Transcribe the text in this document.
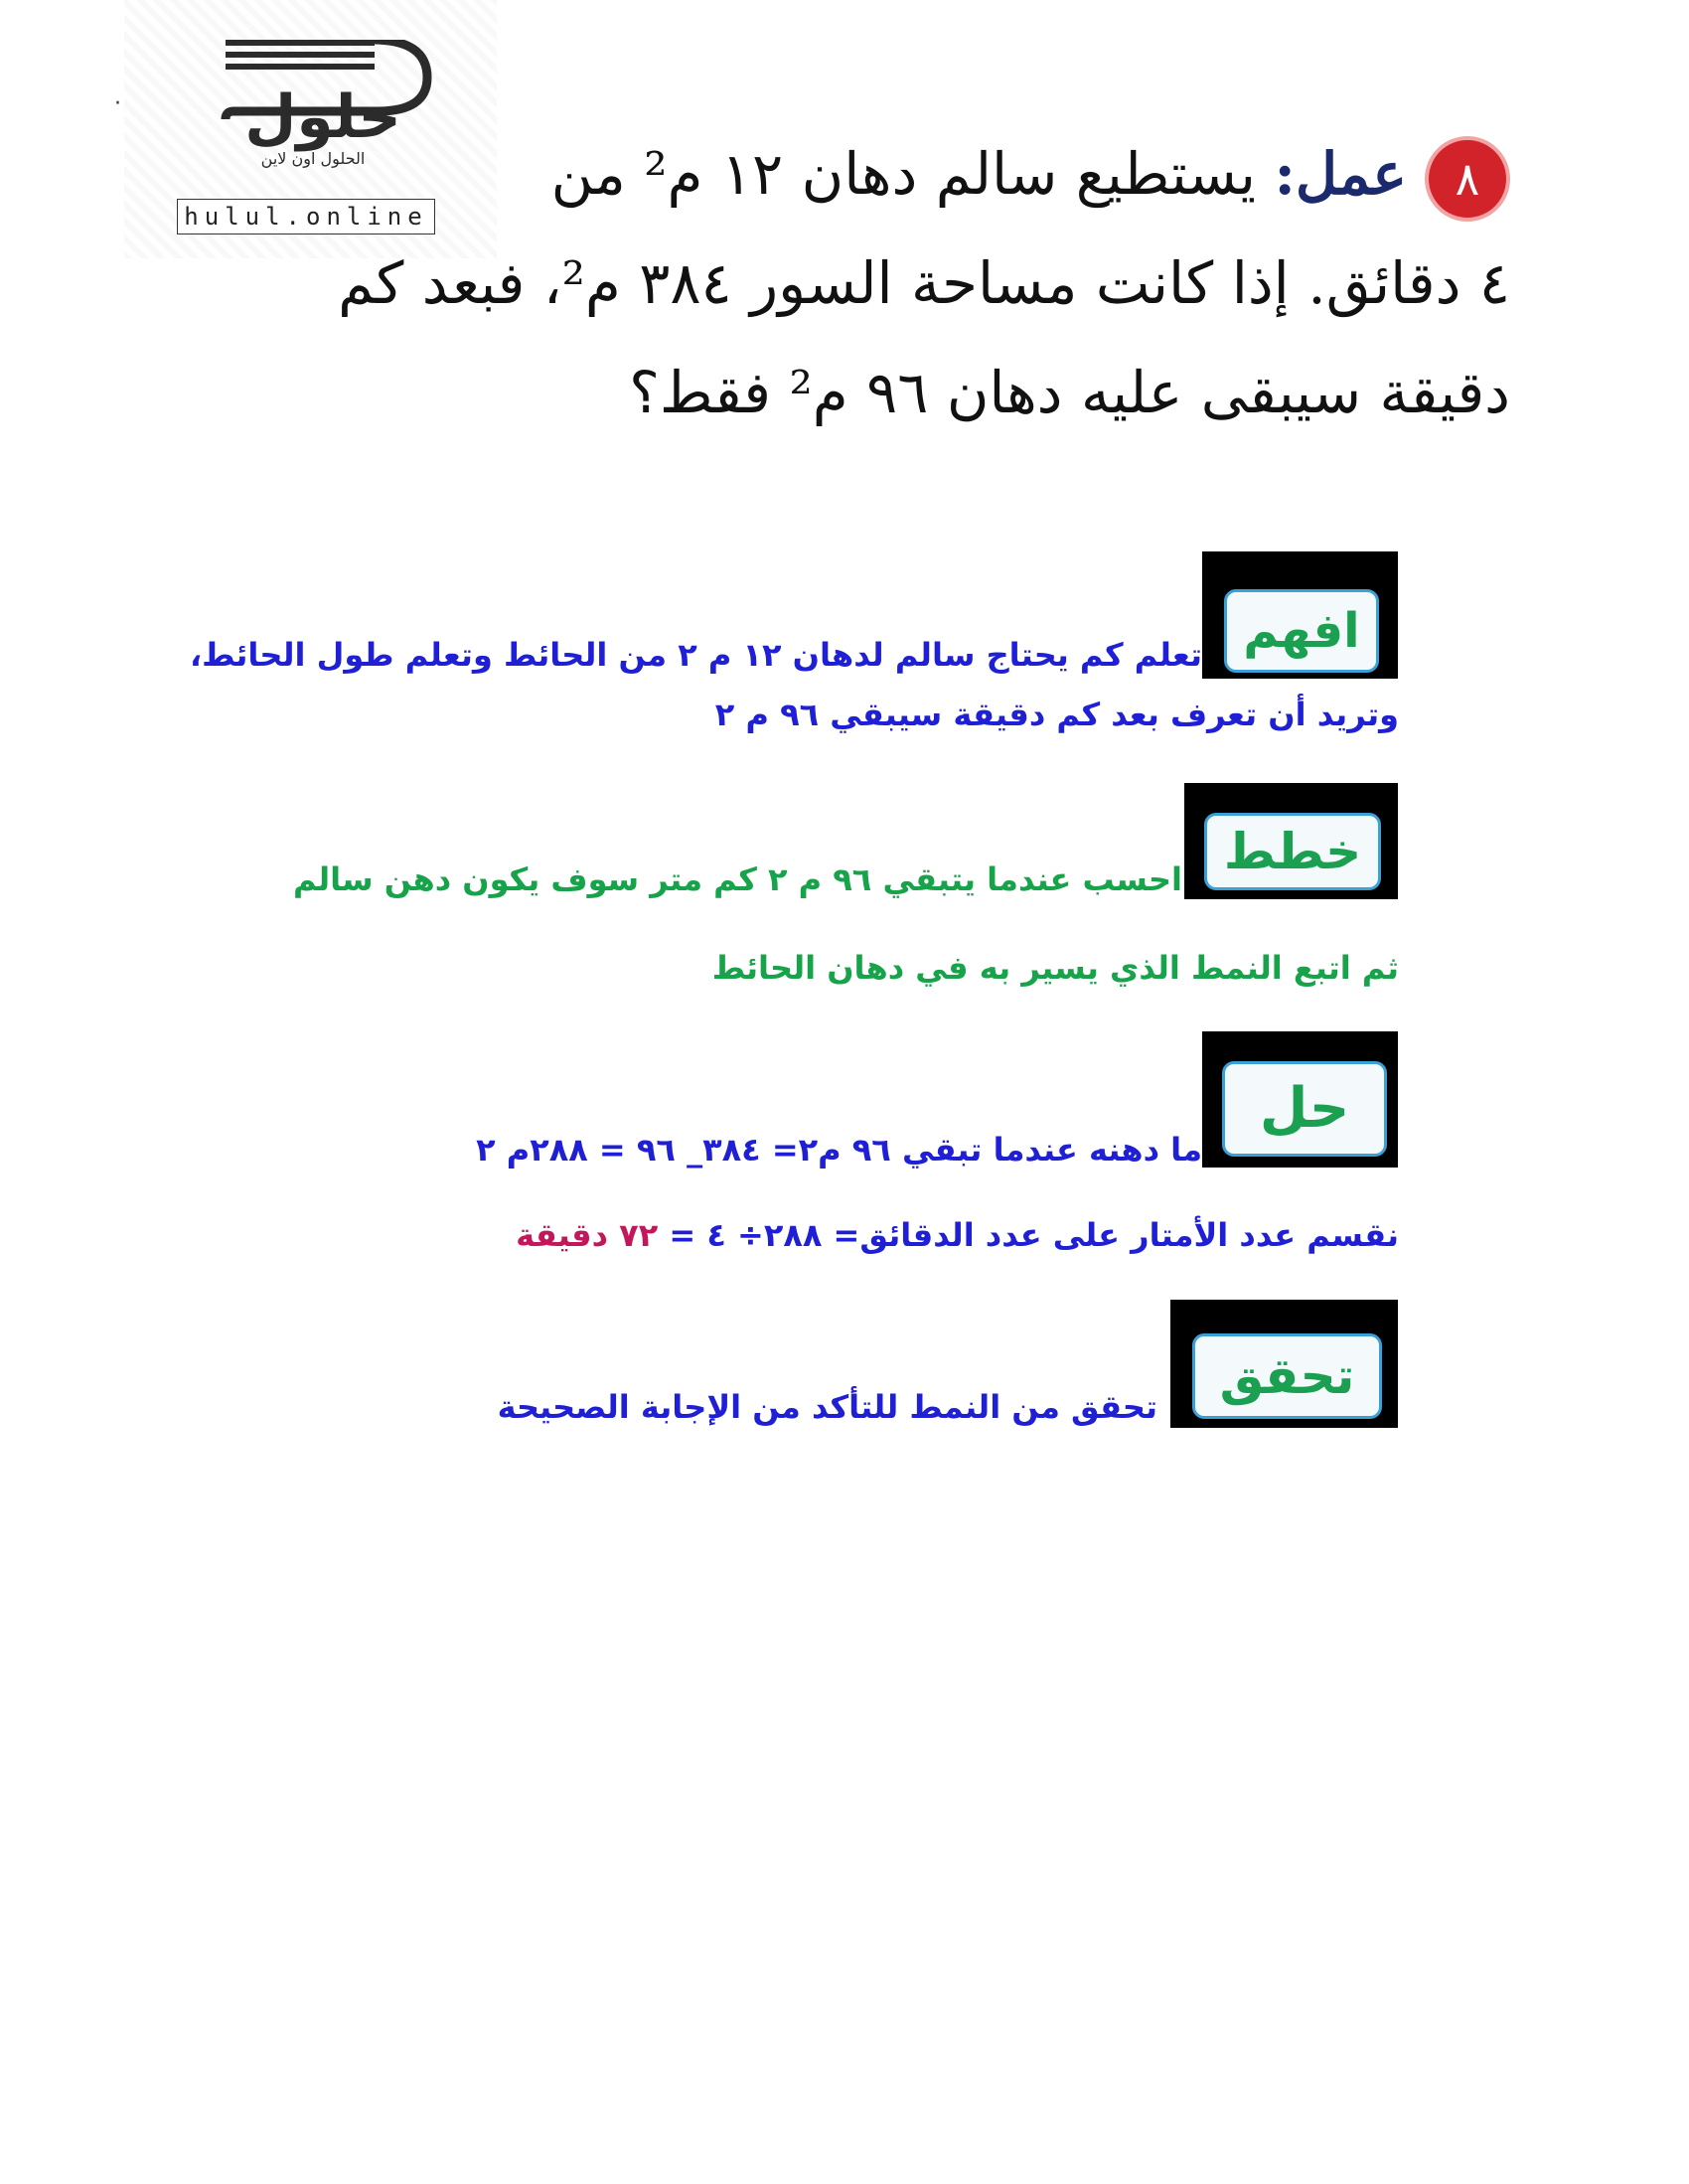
حلول
الحلول اون لاين
hulul.online
·
٨عمل: يستطيع سالم دهان ١٢ م² من
٤ دقائق. إذا كانت مساحة السور ٣٨٤ م²، فبعد كم
دقيقة سيبقى عليه دهان ٩٦ م² فقط؟
افهم
تعلم كم يحتاج سالم لدهان ١٢ م ٢ من الحائط وتعلم طول الحائط،
وتريد أن تعرف بعد كم دقيقة سيبقي ٩٦ م ٢
خطط
احسب عندما يتبقي ٩٦ م ٢ كم متر سوف يكون دهن سالم
ثم اتبع النمط الذي يسير به في دهان الحائط
حل
ما دهنه عندما تبقي ٩٦ م٢= ٣٨٤_ ٩٦ = ٢٨٨م ٢
نقسم عدد الأمتار على عدد الدقائق= ٢٨٨÷ ٤ = ٧٢ دقيقة
تحقق
تحقق من النمط للتأكد من الإجابة الصحيحة
